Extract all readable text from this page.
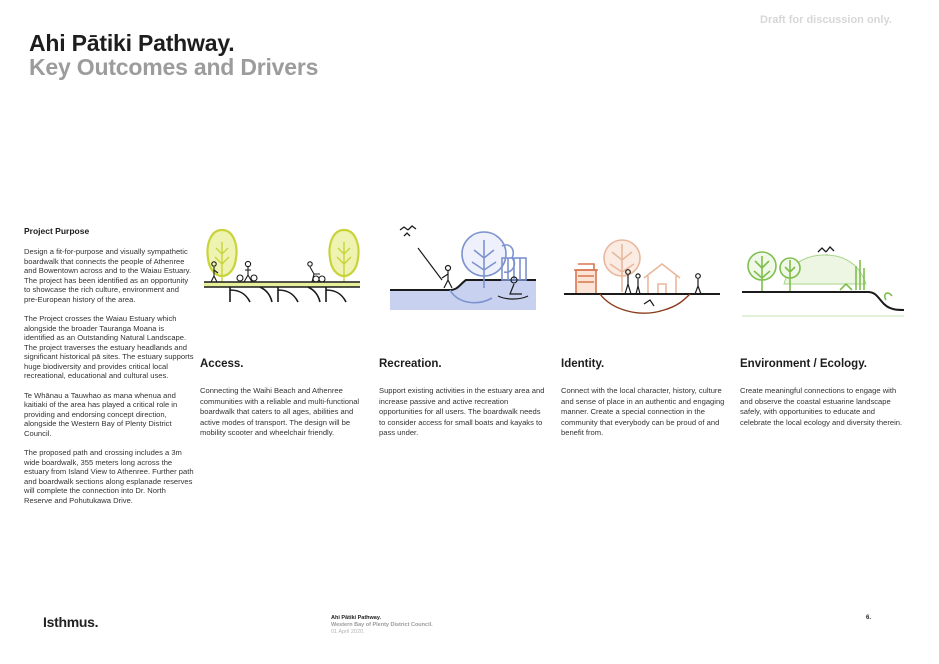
Draft for discussion only.
Ahi Pātiki Pathway.
Key Outcomes and Drivers
Project Purpose

Design a fit-for-purpose and visually sympathetic boardwalk that connects the people of Athenree and Bowentown across and to the Waiau Estuary. The project has been identified as an opportunity to showcase the rich culture, environment and pre-European history of the area.

The Project crosses the Waiau Estuary which alongside the broader Tauranga Moana is identified as an Outstanding Natural Landscape. The project traverses the estuary headlands and significant historical pā sites. The estuary supports huge biodiversity and provides critical local recreational, educational and cultural uses.

Te Whānau a Tauwhao as mana whenua and kaitiaki of the area has played a critical role in providing and endorsing concept direction, alongside the Western Bay of Plenty District Council.

The proposed path and crossing includes a 3m wide boardwalk, 355 meters long across the estuary from Island View to Athenree. Further path and boardwalk sections along esplanade reserves will complete the connection into Dr. North Reserve and Pohutukawa Drive.

Access.
Connecting the Waihi Beach and Athenree communities with a reliable and multi-functional boardwalk that caters to all ages, abilities and active modes of transport. The design will be mobility scooter and wheelchair friendly.
Recreation.
Support existing activities in the estuary area and increase passive and active recreation opportunities for all users. The boardwalk needs to consider access for small boats and kayaks to pass under.
Identity.
Connect with the local character, history, culture and sense of place in an authentic and engaging manner. Create a special connection in the community that everybody can be proud of and benefit from.
Environment / Ecology.
Create meaningful connections to engage with and observe the coastal estuarine landscape safely, with opportunities to educate and celebrate the local ecology and diversity therein.
Isthmus.	Ahi Pātiki Pathway.
Western Bay of Plenty District Council.
01 April 2020.
6.
